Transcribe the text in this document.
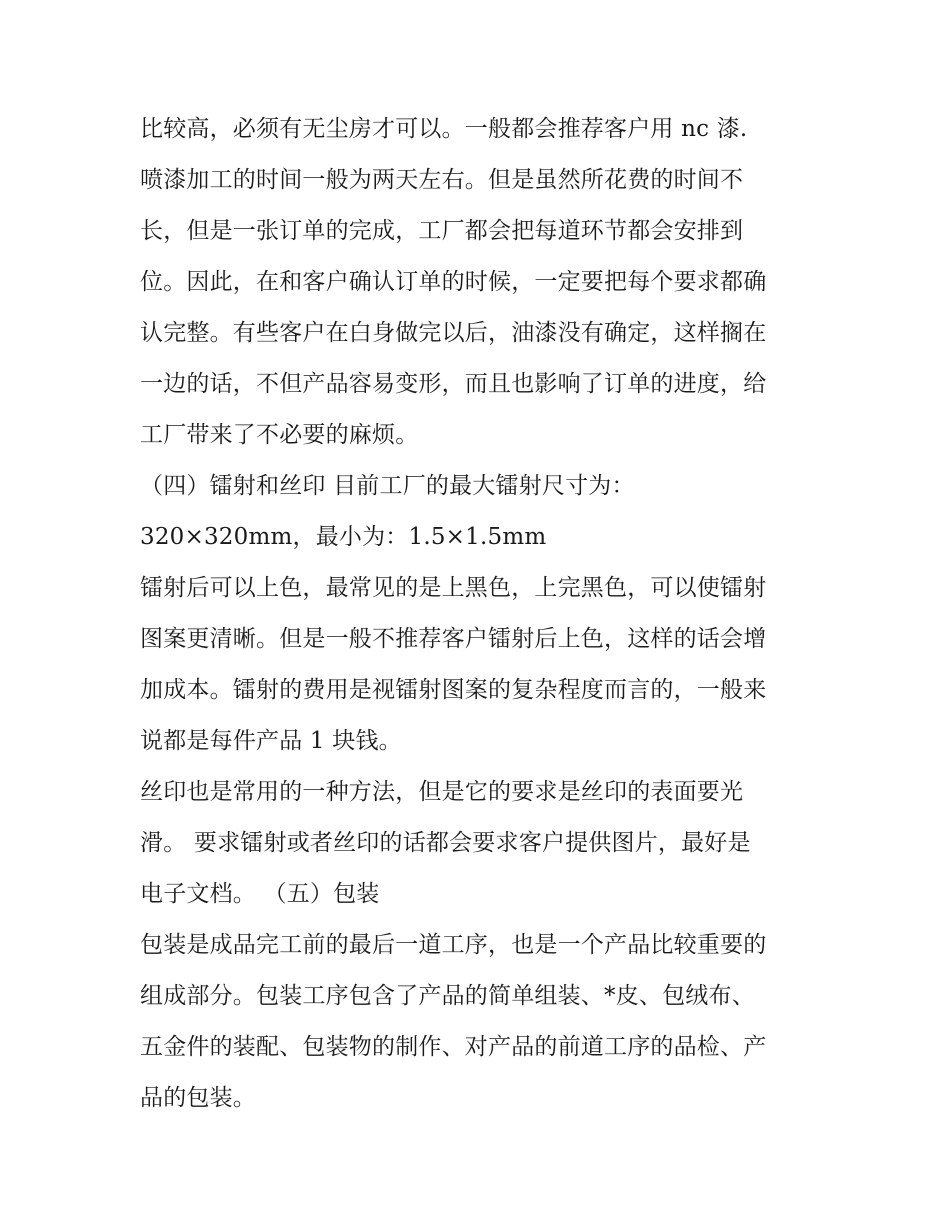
比较高，必须有无尘房才可以。一般都会推荐客户用 nc 漆.
喷漆加工的时间一般为两天左右。但是虽然所花费的时间不
长，但是一张订单的完成，工厂都会把每道环节都会安排到
位。因此，在和客户确认订单的时候，一定要把每个要求都确
认完整。有些客户在白身做完以后，油漆没有确定，这样搁在
一边的话，不但产品容易变形，而且也影响了订单的进度，给
工厂带来了不必要的麻烦。
（四）镭射和丝印 目前工厂的最大镭射尺寸为：
320×320mm，最小为：1.5×1.5mm
镭射后可以上色，最常见的是上黑色，上完黑色，可以使镭射
图案更清晰。但是一般不推荐客户镭射后上色，这样的话会增
加成本。镭射的费用是视镭射图案的复杂程度而言的，一般来
说都是每件产品 1 块钱。
丝印也是常用的一种方法，但是它的要求是丝印的表面要光
滑。 要求镭射或者丝印的话都会要求客户提供图片，最好是
电子文档。 （五）包装
包装是成品完工前的最后一道工序，也是一个产品比较重要的
组成部分。包装工序包含了产品的简单组装、*皮、包绒布、
五金件的装配、包装物的制作、对产品的前道工序的品检、产
品的包装。
